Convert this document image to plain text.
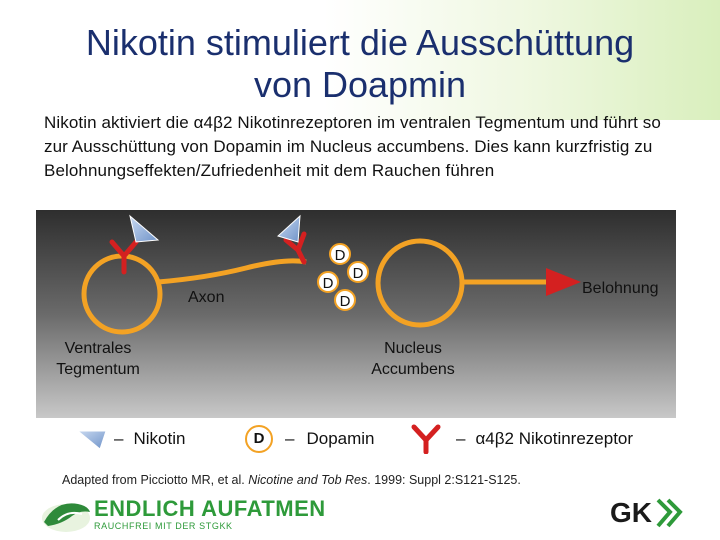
Nikotin stimuliert die Ausschüttung
von Doapmin
Nikotin aktiviert die α4β2 Nikotinrezeptoren im ventralen Tegmentum und führt so zur Ausschüttung von Dopamin im Nucleus accumbens. Dies kann kurzfristig zu Belohnungseffekten/Zufriedenheit mit dem Rauchen führen
Axon
Belohnung
D
D
D
D
Ventrales
Tegmentum
Nucleus
Accumbens
– Nikotin	D	– Dopamin	– α4β2 Nikotinrezeptor
Adapted from Picciotto MR, et al. Nicotine and Tob Res. 1999: Suppl 2:S121-S125.
ENDLICH AUFATMEN
RAUCHFREI MIT DER STGKK	GK
